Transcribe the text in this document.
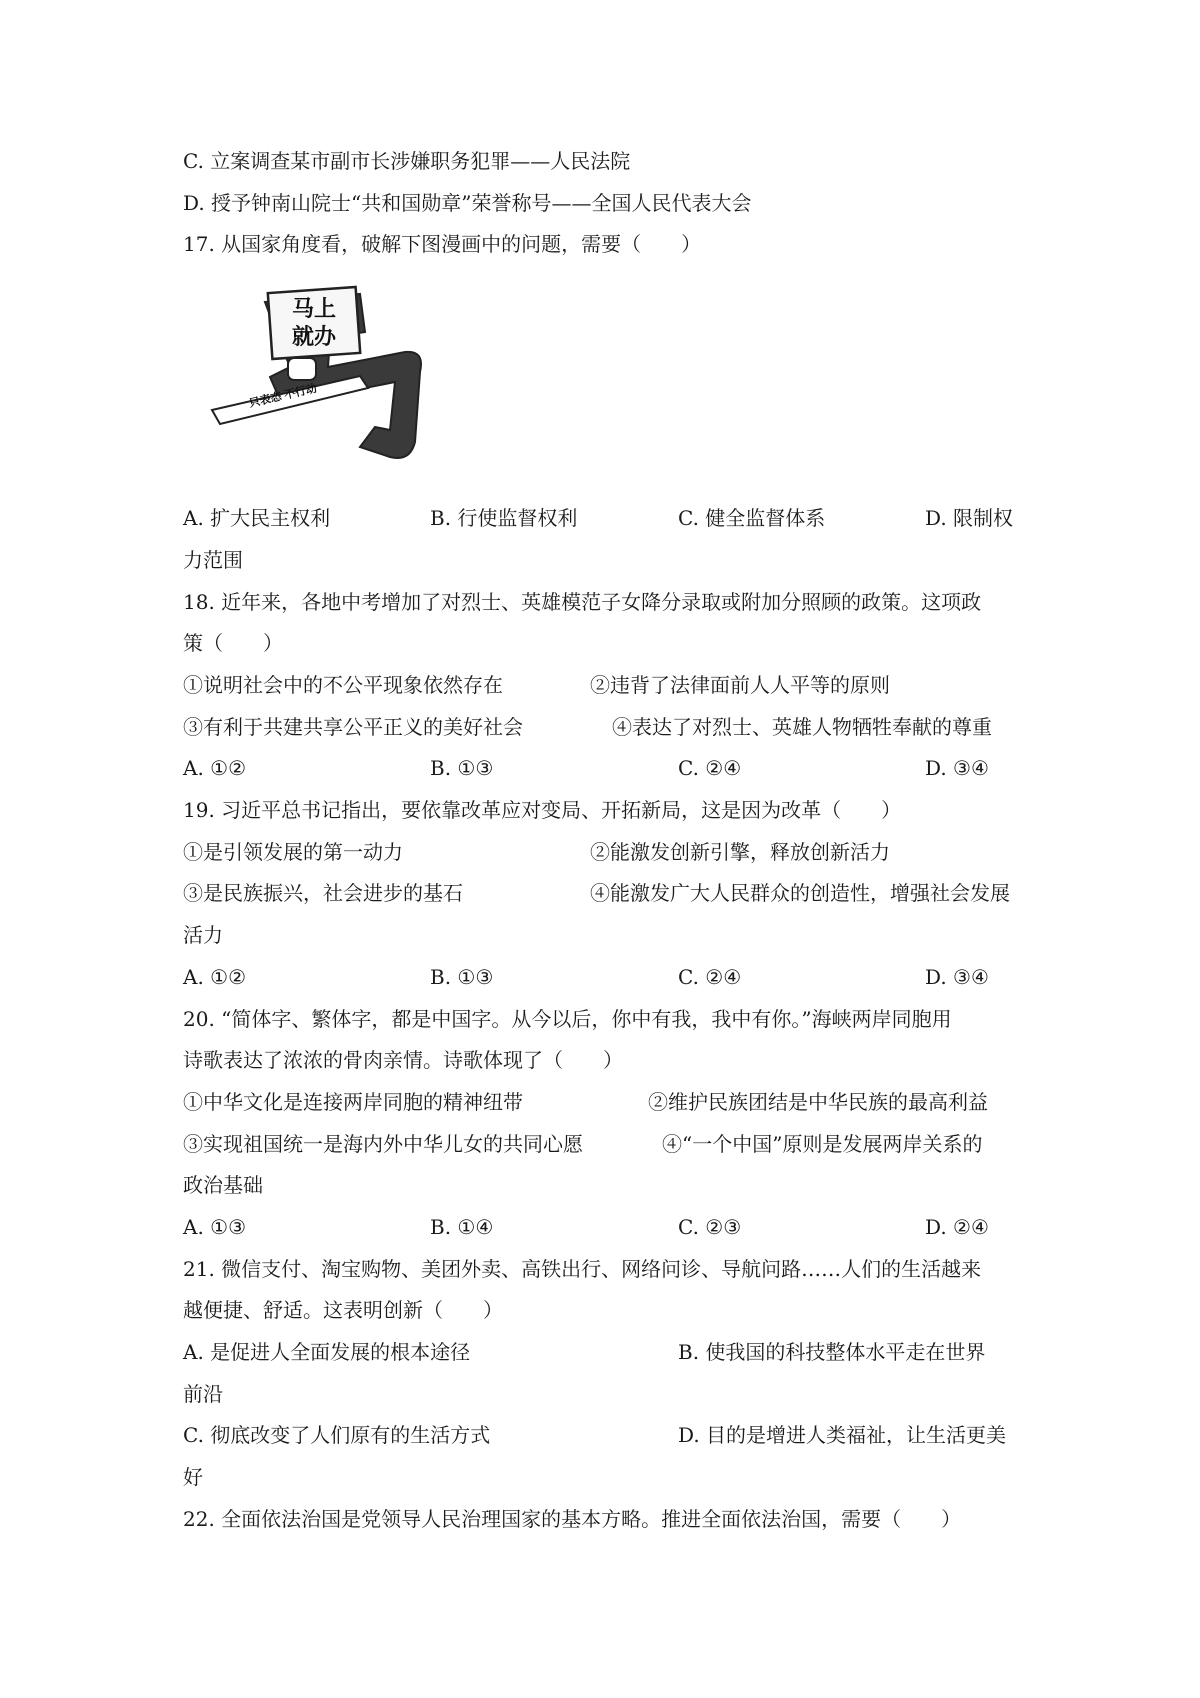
C. 立案调查某市副市长涉嫌职务犯罪——人民法院
D. 授予钟南山院士“共和国勋章”荣誉称号——全国人民代表大会
17. 从国家角度看，破解下图漫画中的问题，需要（　　）
马上
就办
只表态 不行动
A. 扩大民主权利	B. 行使监督权利	C. 健全监督体系	D. 限制权
力范围
18. 近年来，各地中考增加了对烈士、英雄模范子女降分录取或附加分照顾的政策。这项政
策（　　）
①说明社会中的不公平现象依然存在	②违背了法律面前人人平等的原则
③有利于共建共享公平正义的美好社会	④表达了对烈士、英雄人物牺牲奉献的尊重
A. ①②	B. ①③	C. ②④	D. ③④
19. 习近平总书记指出，要依靠改革应对变局、开拓新局，这是因为改革（　　）
①是引领发展的第一动力	②能激发创新引擎，释放创新活力
③是民族振兴，社会进步的基石	④能激发广大人民群众的创造性，增强社会发展
活力
A. ①②	B. ①③	C. ②④	D. ③④
20. “简体字、繁体字，都是中国字。从今以后，你中有我，我中有你。”海峡两岸同胞用
诗歌表达了浓浓的骨肉亲情。诗歌体现了（　　）
①中华文化是连接两岸同胞的精神纽带	②维护民族团结是中华民族的最高利益
③实现祖国统一是海内外中华儿女的共同心愿	④“一个中国”原则是发展两岸关系的
政治基础
A. ①③	B. ①④	C. ②③	D. ②④
21. 微信支付、淘宝购物、美团外卖、高铁出行、网络问诊、导航问路……人们的生活越来
越便捷、舒适。这表明创新（　　）
A. 是促进人全面发展的根本途径	B. 使我国的科技整体水平走在世界
前沿
C. 彻底改变了人们原有的生活方式	D. 目的是增进人类福祉，让生活更美
好
22. 全面依法治国是党领导人民治理国家的基本方略。推进全面依法治国，需要（　　）
